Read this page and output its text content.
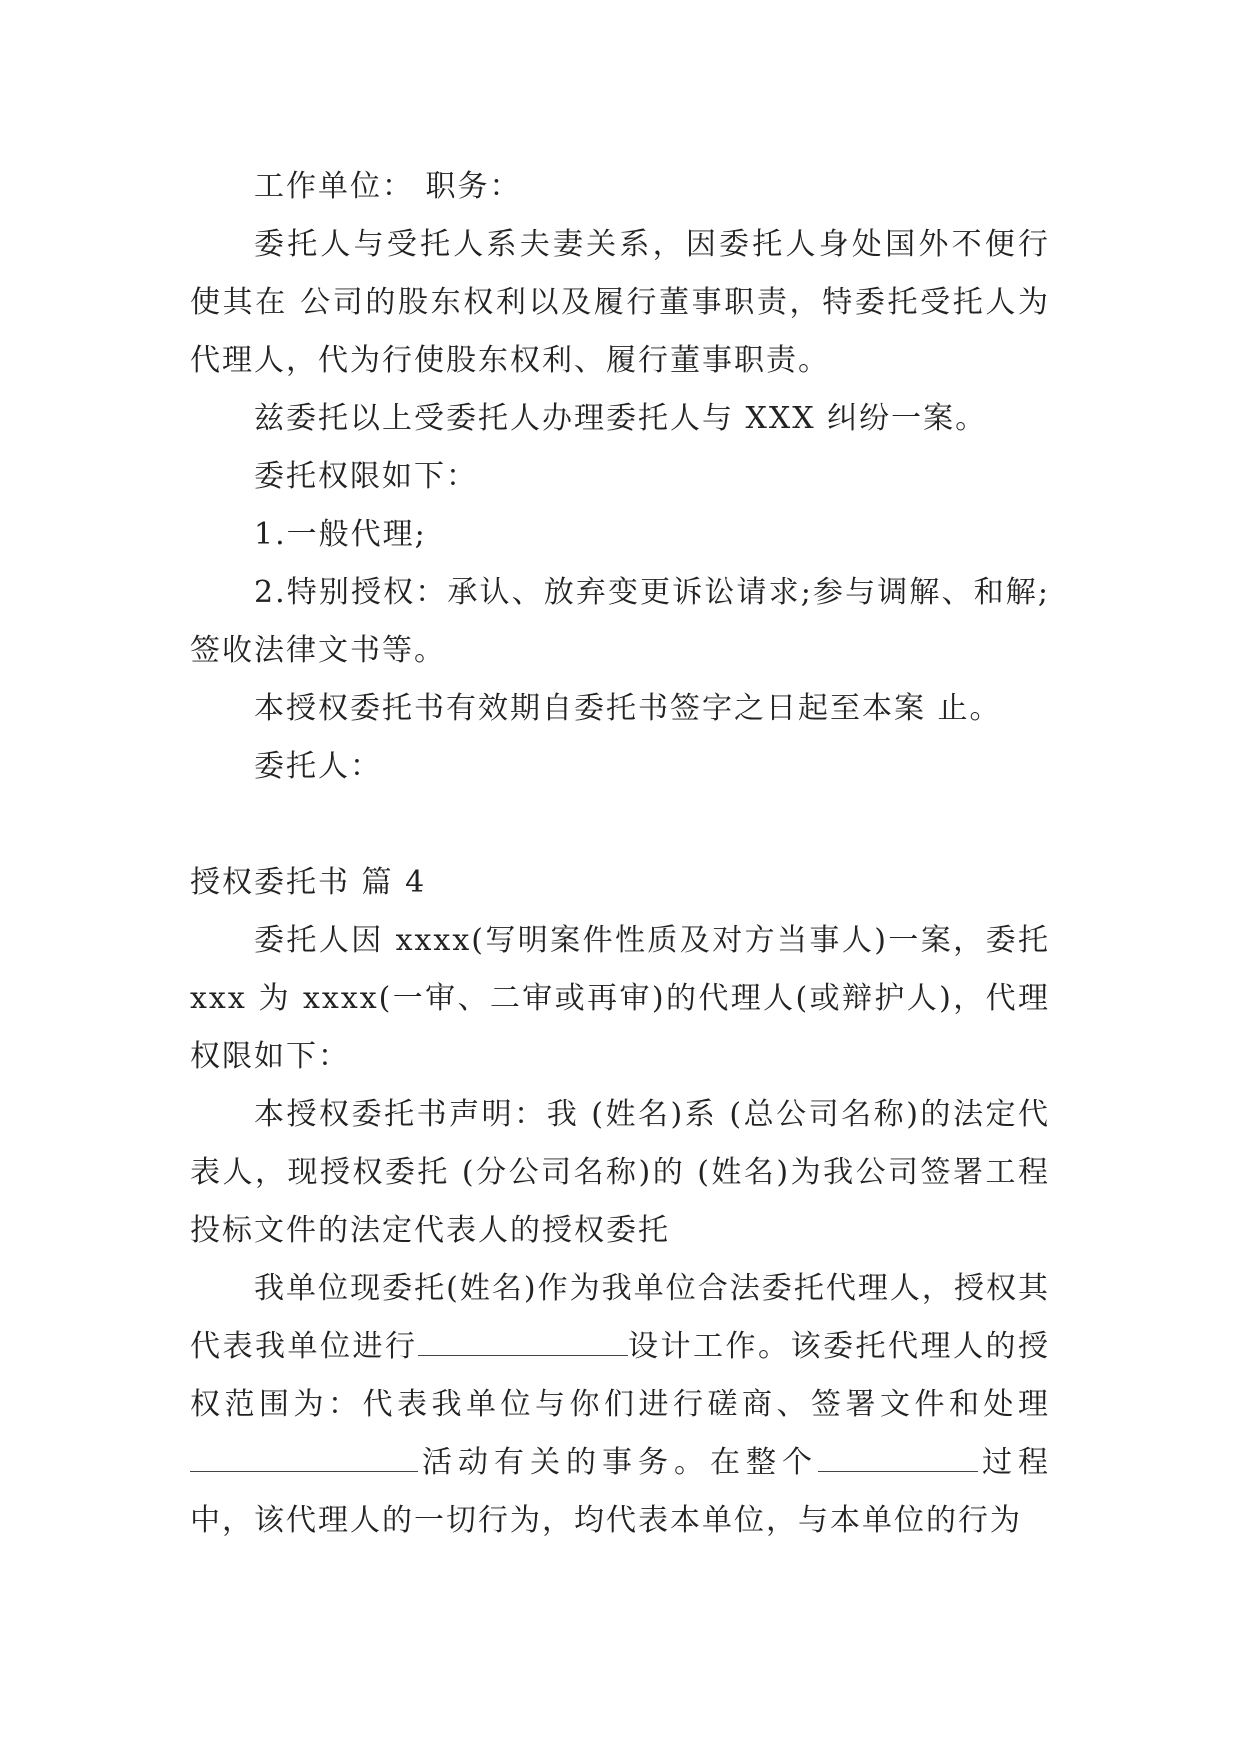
工作单位： 职务：

委托人与受托人系夫妻关系，因委托人身处国外不便行使其在 公司的股东权利以及履行董事职责，特委托受托人为代理人，代为行使股东权利、履行董事职责。

兹委托以上受委托人办理委托人与 XXX 纠纷一案。

委托权限如下：

1.一般代理;

2.特别授权：承认、放弃变更诉讼请求;参与调解、和解;签收法律文书等。

本授权委托书有效期自委托书签字之日起至本案 止。

委托人：

授权委托书 篇 4

委托人因 xxxx(写明案件性质及对方当事人)一案，委托 xxx 为 xxxx(一审、二审或再审)的代理人(或辩护人)，代理权限如下：

本授权委托书声明：我 (姓名)系 (总公司名称)的法定代表人，现授权委托 (分公司名称)的 (姓名)为我公司签署工程投标文件的法定代表人的授权委托

我单位现委托(姓名)作为我单位合法委托代理人，授权其代表我单位进行	设计工作。该委托代理人的授权范围为：代表我单位与你们进行磋商、签署文件和处理活动有关的事务。在整个	过程中，该代理人的一切行为，均代表本单位，与本单位的行为
